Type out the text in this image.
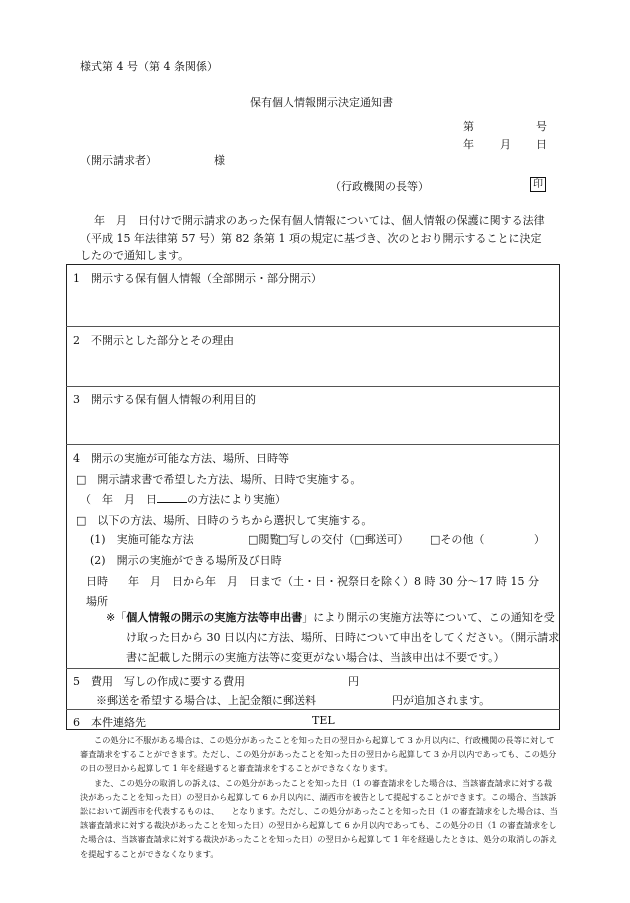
様式第 4 号（第 4 条関係）
保有個人情報開示決定通知書
第	号
年 月 日
（開示請求者）	様
（行政機関の長等）	印
年　月　日付けで開示請求のあった保有個人情報については、個人情報の保護に関する法律（平成 15 年法律第 57 号）第 82 条第 1 項の規定に基づき、次のとおり開示することに決定したので通知します。
1　開示する保有個人情報（全部開示・部分開示）
2　不開示とした部分とその理由
3　開示する保有個人情報の利用目的
4　開示の実施が可能な方法、場所、日時等
□　開示請求書で希望した方法、場所、日時で実施する。
（　年　月　日	の方法により実施）
□　以下の方法、場所、日時のうちから選択して実施する。
(1)　実施可能な方法	□閲覧
□写しの交付（□郵送可） □その他（	）
(2)　開示の実施ができる場所及び日時
日時 年　月　日から年　月　日まで（土・日・祝祭日を除く）8 時 30 分～17 時 15 分
場所
※「個人情報の開示の実施方法等申出書」により開示の実施方法等について、この通知を受け取った日から 30 日以内に方法、場所、日時について申出をしてください。（開示請求書に記載した開示の実施方法等に変更がない場合は、当該申出は不要です。）
5　費用　写しの作成に要する費用	円
※郵送を希望する場合は、上記金額に郵送料	円が追加されます。
6　本件連絡先	TEL

この処分に不服がある場合は、この処分があったことを知った日の翌日から起算して 3 か月以内に、行政機関の長等に対して審査請求をすることができます。ただし、この処分があったことを知った日の翌日から起算して 3 か月以内であっても、この処分の日の翌日から起算して 1 年を経過すると審査請求をすることができなくなります。

また、この処分の取消しの訴えは、この処分があったことを知った日（1 の審査請求をした場合は、当該審査請求に対する裁決があったことを知った日）の翌日から起算して 6 か月以内に、湖西市を被告として提起することができます。この場合、当該訴訟において湖西市を代表するものは、　　となります。ただし、この処分があったことを知った日（1 の審査請求をした場合は、当該審査請求に対する裁決があったことを知った日）の翌日から起算して 6 か月以内であっても、この処分の日（1 の審査請求をした場合は、当該審査請求に対する裁決があったことを知った日）の翌日から起算して 1 年を経過したときは、処分の取消しの訴えを提起することができなくなります。
